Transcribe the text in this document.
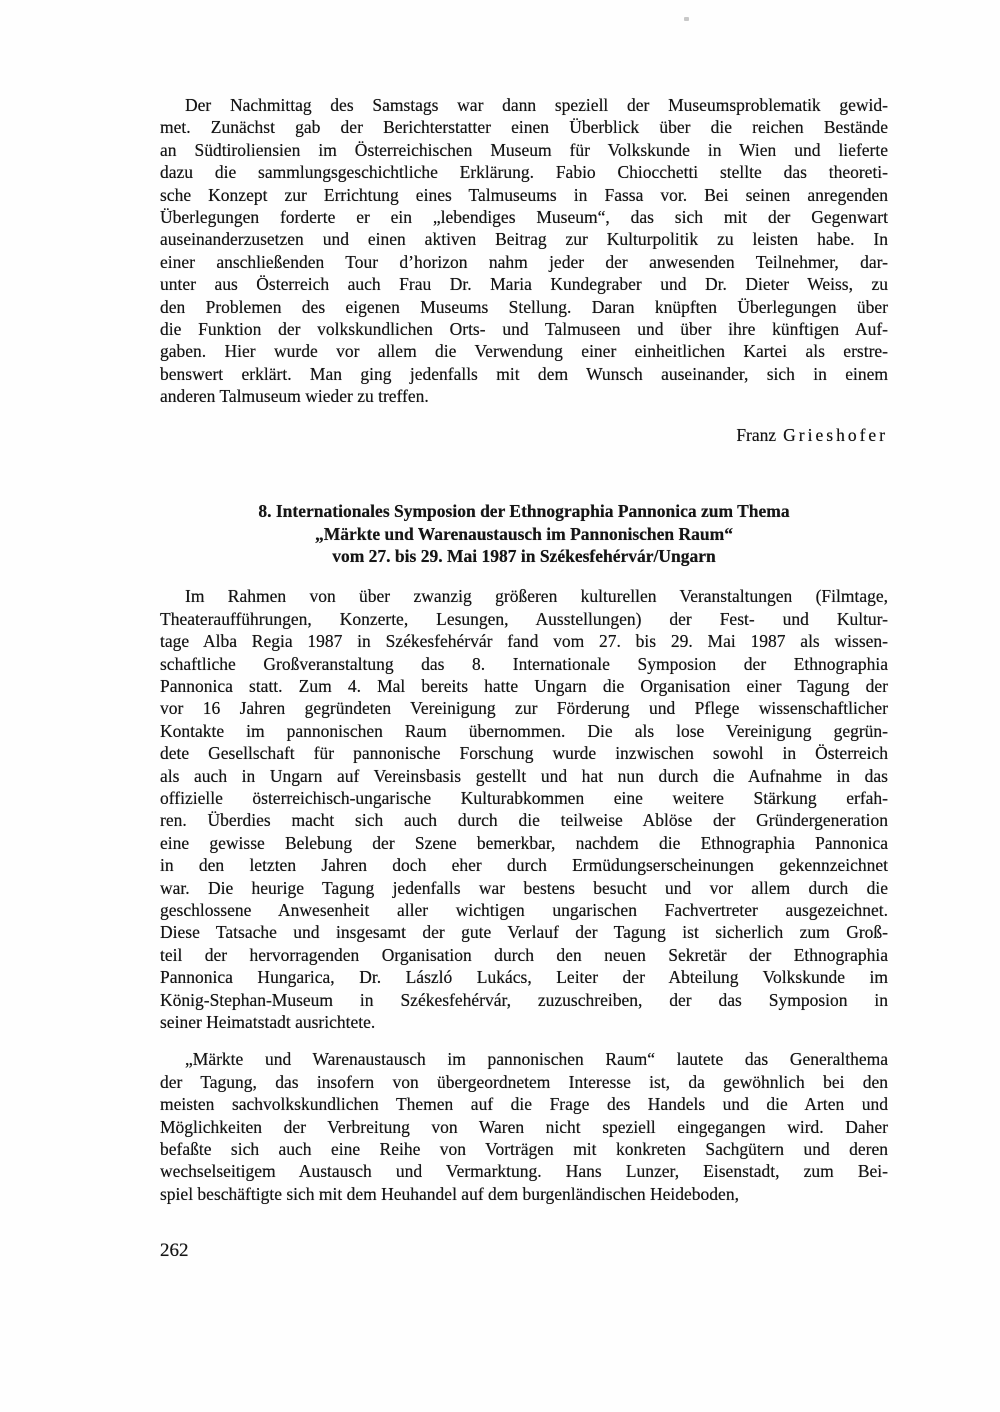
Der Nachmittag des Samstags war dann speziell der Museumsproblematik gewid-
met. Zunächst gab der Berichterstatter einen Überblick über die reichen Bestände
an Südtiroliensien im Österreichischen Museum für Volkskunde in Wien und lieferte
dazu die sammlungsgeschichtliche Erklärung. Fabio Chiocchetti stellte das theoreti-
sche Konzept zur Errichtung eines Talmuseums in Fassa vor. Bei seinen anregenden
Überlegungen forderte er ein „lebendiges Museum“, das sich mit der Gegenwart
auseinanderzusetzen und einen aktiven Beitrag zur Kulturpolitik zu leisten habe. In
einer anschließenden Tour d’horizon nahm jeder der anwesenden Teilnehmer, dar-
unter aus Österreich auch Frau Dr. Maria Kundegraber und Dr. Dieter Weiss, zu
den Problemen des eigenen Museums Stellung. Daran knüpften Überlegungen über
die Funktion der volkskundlichen Orts- und Talmuseen und über ihre künftigen Auf-
gaben. Hier wurde vor allem die Verwendung einer einheitlichen Kartei als erstre-
benswert erklärt. Man ging jedenfalls mit dem Wunsch auseinander, sich in einem
anderen Talmuseum wieder zu treffen.
Franz Grieshofer
8. Internationales Symposion der Ethnographia Pannonica zum Thema
„Märkte und Warenaustausch im Pannonischen Raum“
vom 27. bis 29. Mai 1987 in Székesfehérvár/Ungarn
Im Rahmen von über zwanzig größeren kulturellen Veranstaltungen (Filmtage,
Theateraufführungen, Konzerte, Lesungen, Ausstellungen) der Fest- und Kultur-
tage Alba Regia 1987 in Székesfehérvár fand vom 27. bis 29. Mai 1987 als wissen-
schaftliche Großveranstaltung das 8. Internationale Symposion der Ethnographia
Pannonica statt. Zum 4. Mal bereits hatte Ungarn die Organisation einer Tagung der
vor 16 Jahren gegründeten Vereinigung zur Förderung und Pflege wissenschaftlicher
Kontakte im pannonischen Raum übernommen. Die als lose Vereinigung gegrün-
dete Gesellschaft für pannonische Forschung wurde inzwischen sowohl in Österreich
als auch in Ungarn auf Vereinsbasis gestellt und hat nun durch die Aufnahme in das
offizielle österreichisch-ungarische Kulturabkommen eine weitere Stärkung erfah-
ren. Überdies macht sich auch durch die teilweise Ablöse der Gründergeneration
eine gewisse Belebung der Szene bemerkbar, nachdem die Ethnographia Pannonica
in den letzten Jahren doch eher durch Ermüdungserscheinungen gekennzeichnet
war. Die heurige Tagung jedenfalls war bestens besucht und vor allem durch die
geschlossene Anwesenheit aller wichtigen ungarischen Fachvertreter ausgezeichnet.
Diese Tatsache und insgesamt der gute Verlauf der Tagung ist sicherlich zum Groß-
teil der hervorragenden Organisation durch den neuen Sekretär der Ethnographia
Pannonica Hungarica, Dr. László Lukács, Leiter der Abteilung Volkskunde im
König-Stephan-Museum in Székesfehérvár, zuzuschreiben, der das Symposion in
seiner Heimatstadt ausrichtete.
„Märkte und Warenaustausch im pannonischen Raum“ lautete das Generalthema
der Tagung, das insofern von übergeordnetem Interesse ist, da gewöhnlich bei den
meisten sachvolkskundlichen Themen auf die Frage des Handels und die Arten und
Möglichkeiten der Verbreitung von Waren nicht speziell eingegangen wird. Daher
befaßte sich auch eine Reihe von Vorträgen mit konkreten Sachgütern und deren
wechselseitigem Austausch und Vermarktung. Hans Lunzer, Eisenstadt, zum Bei-
spiel beschäftigte sich mit dem Heuhandel auf dem burgenländischen Heideboden,
262
